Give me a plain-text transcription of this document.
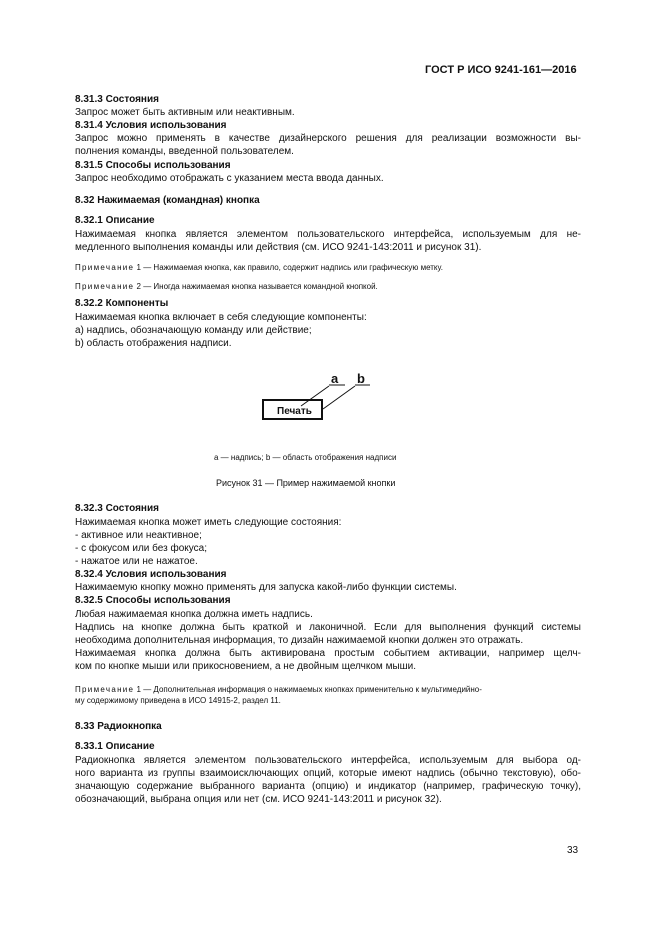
ГОСТ Р ИСО 9241-161—2016
8.31.3 Состояния
Запрос может быть активным или неактивным.
8.31.4 Условия использования
Запрос можно применять в качестве дизайнерского решения для реализации возможности вы-
полнения команды, введенной пользователем.
8.31.5 Способы использования
Запрос необходимо отображать с указанием места ввода данных.
8.32 Нажимаемая (командная) кнопка
8.32.1 Описание
Нажимаемая кнопка является элементом пользовательского интерфейса, используемым для не-
медленного выполнения команды или действия (см. ИСО 9241-143:2011 и рисунок 31).
Примечание 1 — Нажимаемая кнопка, как правило, содержит надпись или графическую метку.
Примечание 2 — Иногда нажимаемая кнопка называется командной кнопкой.
8.32.2 Компоненты
Нажимаемая кнопка включает в себя следующие компоненты:
а) надпись, обозначающую команду или действие;
b) область отображения надписи.
a b
Печать
а — надпись; b — область отображения надписи
Рисунок 31 — Пример нажимаемой кнопки
8.32.3 Состояния
Нажимаемая кнопка может иметь следующие состояния:
- активное или неактивное;
- с фокусом или без фокуса;
- нажатое или не нажатое.
8.32.4 Условия использования
Нажимаемую кнопку можно применять для запуска какой-либо функции системы.
8.32.5 Способы использования
Любая нажимаемая кнопка должна иметь надпись.
Надпись на кнопке должна быть краткой и лаконичной. Если для выполнения функций системы
необходима дополнительная информация, то дизайн нажимаемой кнопки должен это отражать.
Нажимаемая кнопка должна быть активирована простым событием активации, например щелч-
ком по кнопке мыши или прикосновением, а не двойным щелчком мыши.
Примечание 1 — Дополнительная информация о нажимаемых кнопках применительно к мультимедийно-
му содержимому приведена в ИСО 14915-2, раздел 11.
8.33 Радиокнопка
8.33.1 Описание
Радиокнопка является элементом пользовательского интерфейса, используемым для выбора од-
ного варианта из группы взаимоисключающих опций, которые имеют надпись (обычно текстовую), обо-
значающую содержание выбранного варианта (опцию) и индикатор (например, графическую точку),
обозначающий, выбрана опция или нет (см. ИСО 9241-143:2011 и рисунок 32).
33
